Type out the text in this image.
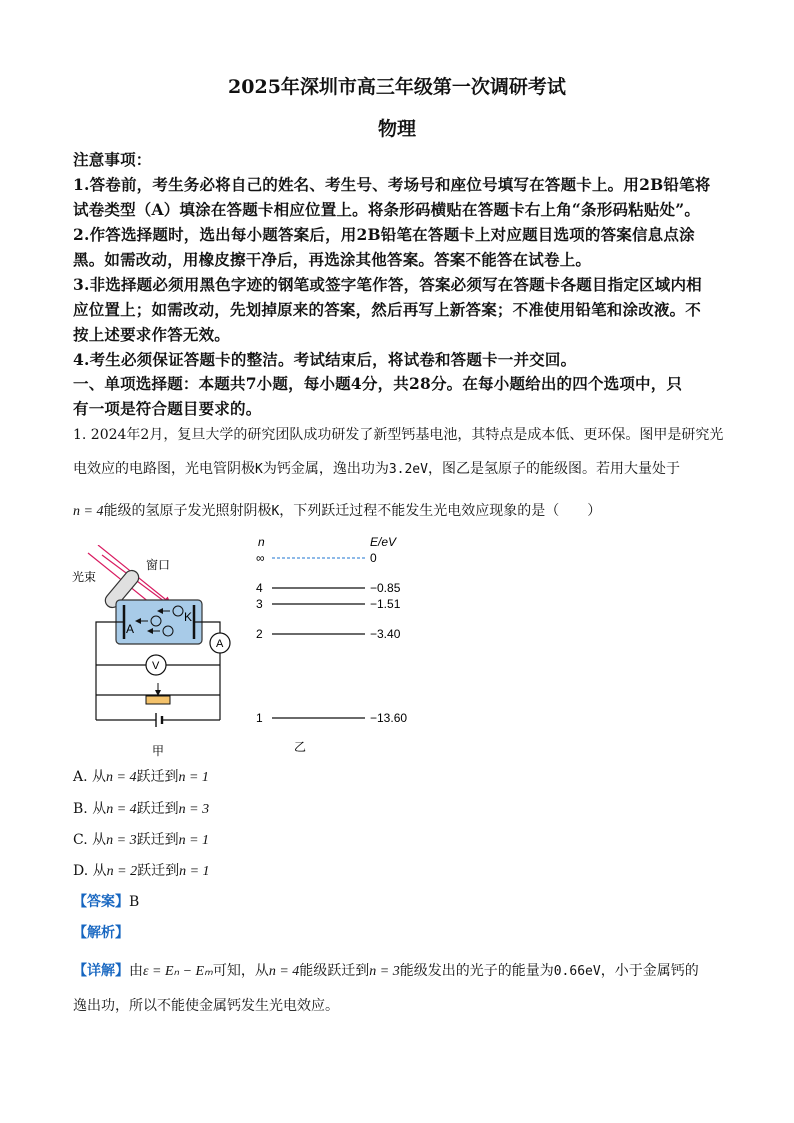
2025年深圳市高三年级第一次调研考试
物理
注意事项：
1.答卷前，考生务必将自己的姓名、考生号、考场号和座位号填写在答题卡上。用2B铅笔将
试卷类型（A）填涂在答题卡相应位置上。将条形码横贴在答题卡右上角“条形码粘贴处”。
2.作答选择题时，选出每小题答案后，用2B铅笔在答题卡上对应题目选项的答案信息点涂
黑。如需改动，用橡皮擦干净后，再选涂其他答案。答案不能答在试卷上。
3.非选择题必须用黑色字迹的钢笔或签字笔作答，答案必须写在答题卡各题目指定区域内相
应位置上；如需改动，先划掉原来的答案，然后再写上新答案；不准使用铅笔和涂改液。不
按上述要求作答无效。
4.考生必须保证答题卡的整洁。考试结束后，将试卷和答题卡一并交回。
一、单项选择题：本题共7小题，每小题4分，共28分。在每小题给出的四个选项中，只
有一项是符合题目要求的。
1. 2024年2月，复旦大学的研究团队成功研发了新型钙基电池，其特点是成本低、更环保。图甲是研究光
电效应的电路图，光电管阴极K为钙金属，逸出功为3.2eV，图乙是氢原子的能级图。若用大量处于
n = 4能级的氢原子发光照射阴极K，下列跃迁过程不能发生光电效应现象的是（　　）
窗口
光束
A
K
A
V
甲
n	E/eV
∞	0
4	−0.85
3	−1.51
2	−3.40
1	−13.60
乙
A. 从n = 4跃迁到n = 1
B. 从n = 4跃迁到n = 3
C. 从n = 3跃迁到n = 1
D. 从n = 2跃迁到n = 1
【答案】B
【解析】
【详解】由ε = Eₙ − Eₘ可知，从n = 4能级跃迁到n = 3能级发出的光子的能量为0.66eV，小于金属钙的
逸出功，所以不能使金属钙发生光电效应。
